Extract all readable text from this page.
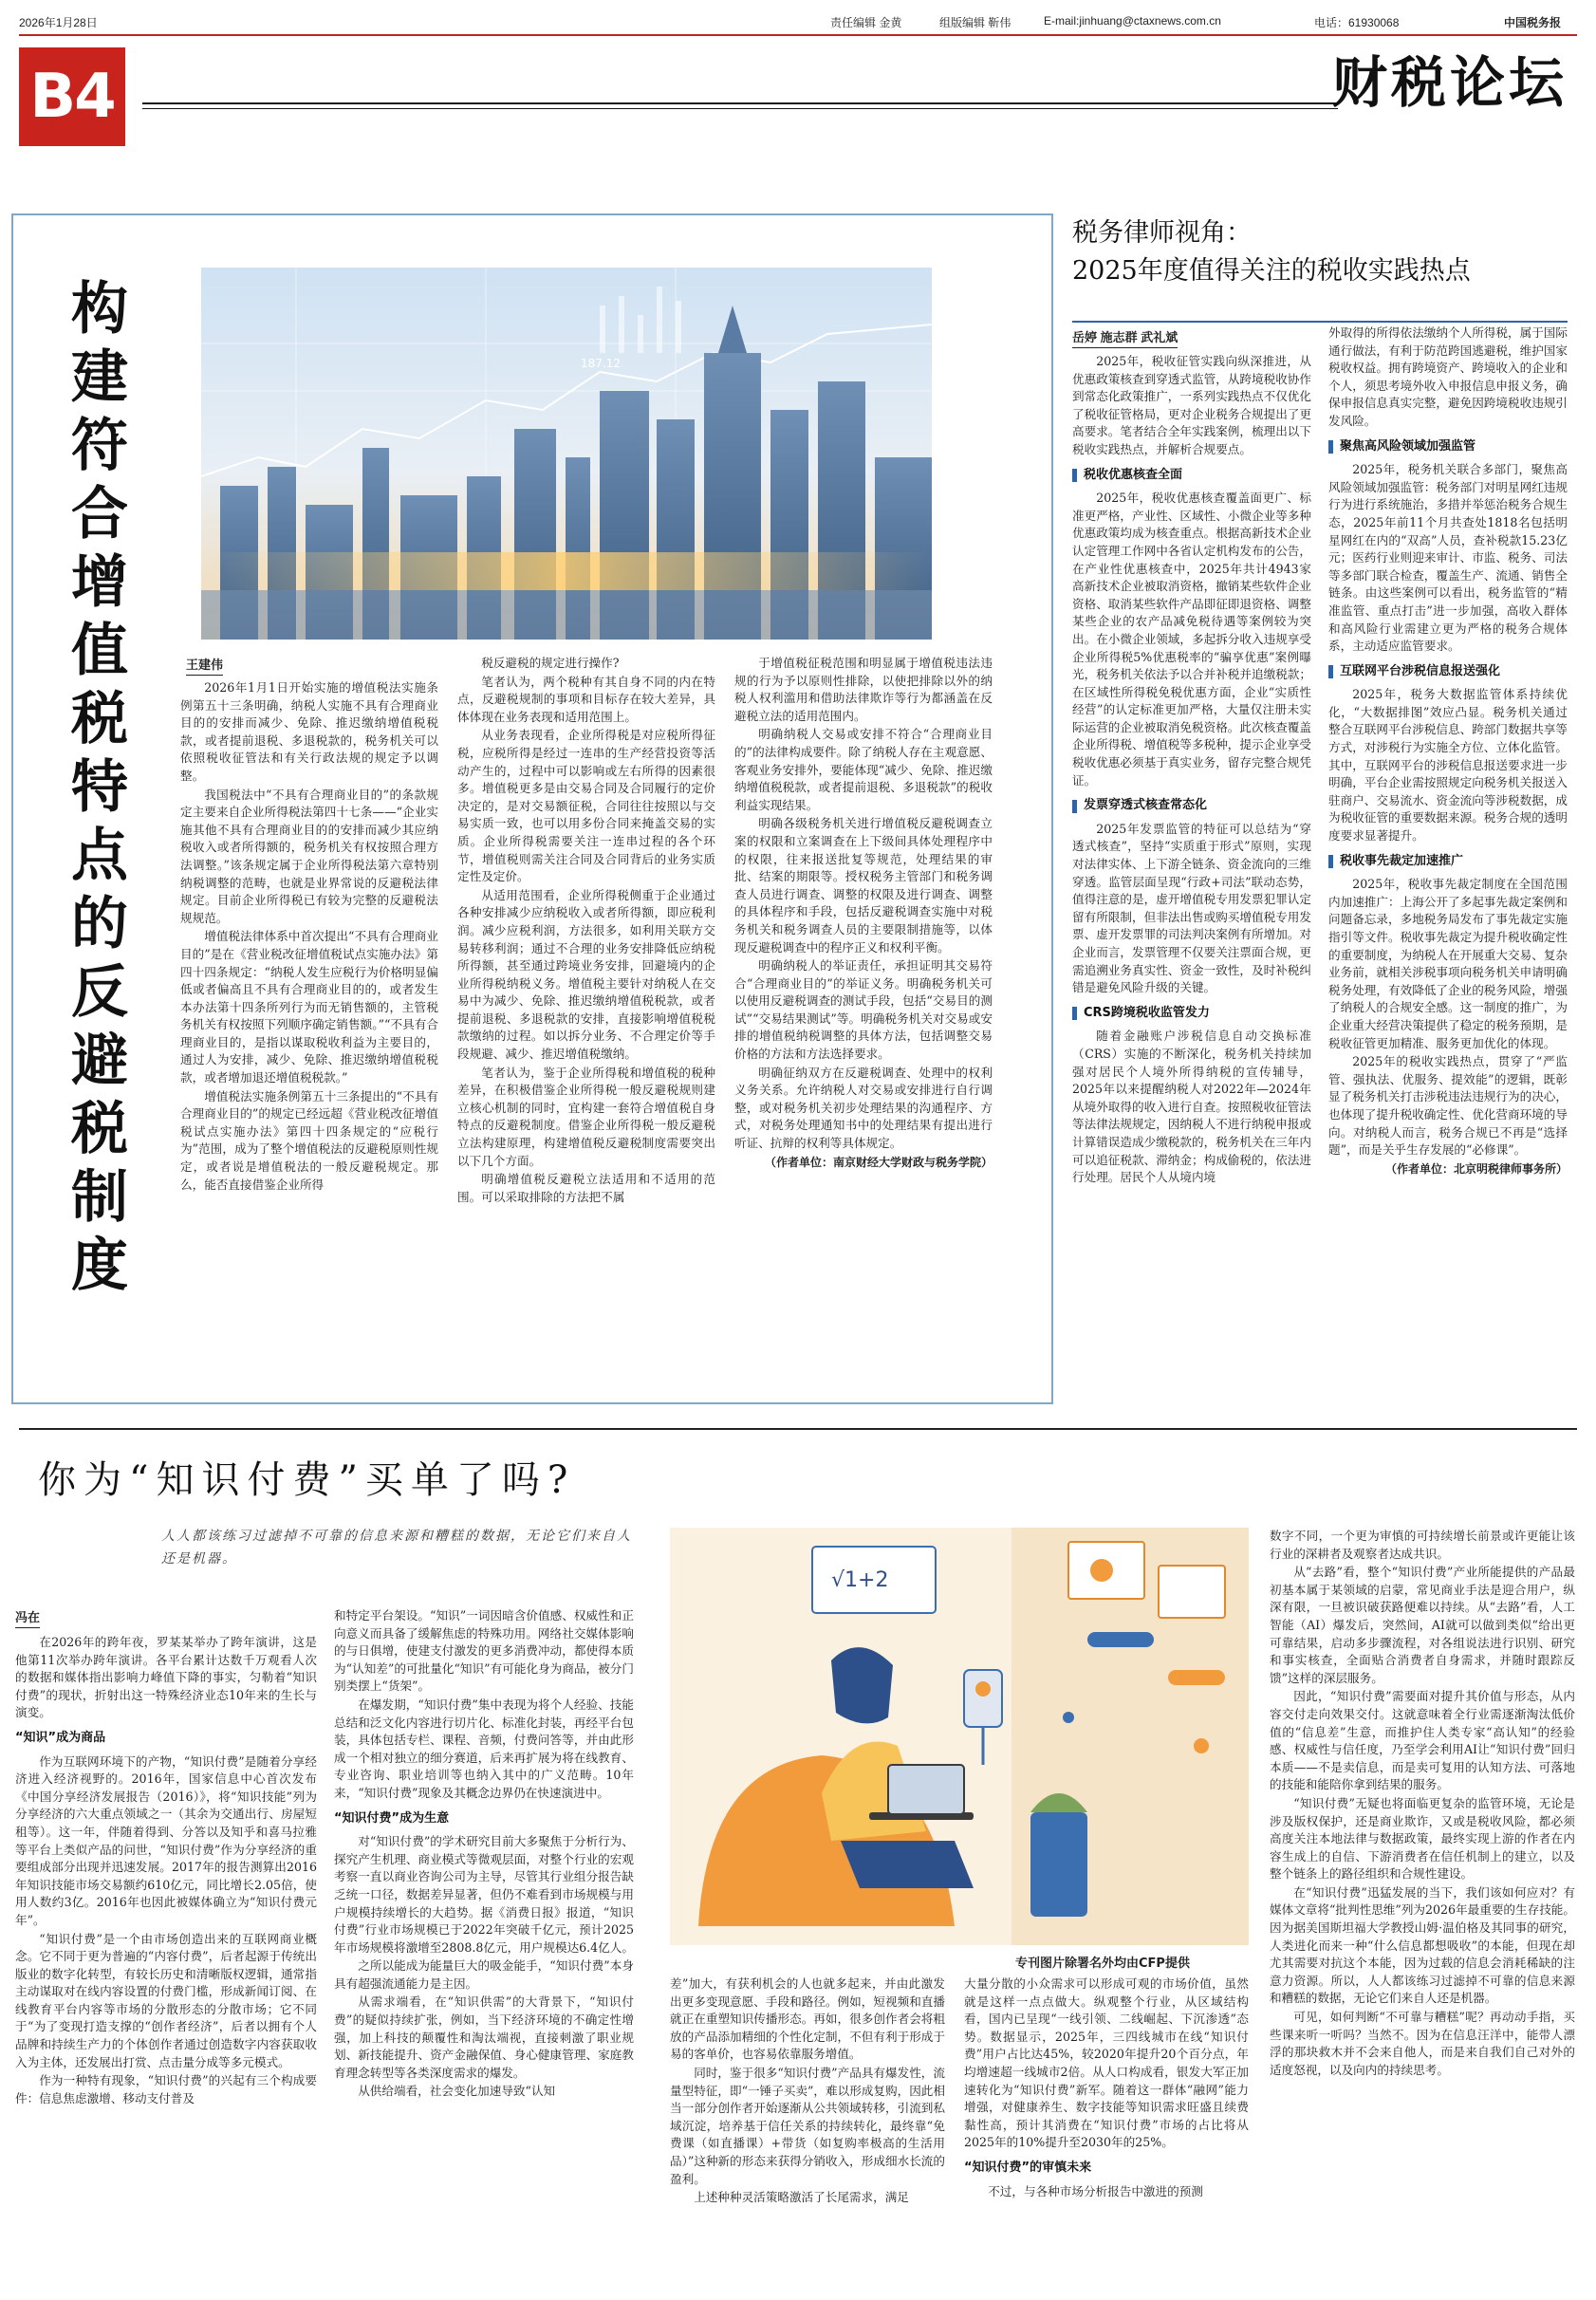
2026年1月28日	责任编辑 金黄	组版编辑 靳伟	E-mail:jinhuang@ctaxnews.com.cn	电话：61930068	中国税务报
B4	财税论坛
构建符合增值税特点的反避税制度
187.12
王建伟

2026年1月1日开始实施的增值税法实施条例第五十三条明确，纳税人实施不具有合理商业目的的安排而减少、免除、推迟缴纳增值税税款，或者提前退税、多退税款的，税务机关可以依照税收征管法和有关行政法规的规定予以调整。

我国税法中“不具有合理商业目的”的条款规定主要来自企业所得税法第四十七条——“企业实施其他不具有合理商业目的的安排而减少其应纳税收入或者所得额的，税务机关有权按照合理方法调整。”该条规定属于企业所得税法第六章特别纳税调整的范畴，也就是业界常说的反避税法律规定。目前企业所得税已有较为完整的反避税法规规范。

增值税法律体系中首次提出“不具有合理商业目的”是在《营业税改征增值税试点实施办法》第四十四条规定：“纳税人发生应税行为价格明显偏低或者偏高且不具有合理商业目的的，或者发生本办法第十四条所列行为而无销售额的，主管税务机关有权按照下列顺序确定销售额。”“不具有合理商业目的，是指以谋取税收利益为主要目的，通过人为安排，减少、免除、推迟缴纳增值税税款，或者增加退还增值税税款。”

增值税法实施条例第五十三条提出的“不具有合理商业目的”的规定已经远超《营业税改征增值税试点实施办法》第四十四条规定的“应税行为”范围，成为了整个增值税法的反避税原则性规定，或者说是增值税法的一般反避税规定。那么，能否直接借鉴企业所得

税反避税的规定进行操作?

笔者认为，两个税种有其自身不同的内在特点，反避税规制的事项和目标存在较大差异，具体体现在业务表现和适用范围上。

从业务表现看，企业所得税是对应税所得征税，应税所得是经过一连串的生产经营投资等活动产生的，过程中可以影响或左右所得的因素很多。增值税更多是由交易合同及合同履行的定价决定的，是对交易额征税，合同往往按照以与交易实质一致，也可以用多份合同来掩盖交易的实质。企业所得税需要关注一连串过程的各个环节，增值税则需关注合同及合同背后的业务实质定性及定价。

从适用范围看，企业所得税侧重于企业通过各种安排减少应纳税收入或者所得额，即应税利润。减少应税利润，方法很多，如利用关联方交易转移利润；通过不合理的业务安排降低应纳税所得额，甚至通过跨境业务安排，回避境内的企业所得税纳税义务。增值税主要针对纳税人在交易中为减少、免除、推迟缴纳增值税税款，或者提前退税、多退税款的安排，直接影响增值税税款缴纳的过程。如以拆分业务、不合理定价等手段规避、减少、推迟增值税缴纳。

笔者认为，鉴于企业所得税和增值税的税种差异，在积极借鉴企业所得税一般反避税规则建立核心机制的同时，宜构建一套符合增值税自身特点的反避税制度。借鉴企业所得税一般反避税立法构建原理，构建增值税反避税制度需要突出以下几个方面。

明确增值税反避税立法适用和不适用的范围。可以采取排除的方法把不属

于增值税征税范围和明显属于增值税违法违规的行为予以原则性排除，以使把排除以外的纳税人权利滥用和借助法律欺诈等行为都涵盖在反避税立法的适用范围内。

明确纳税人交易或安排不符合“合理商业目的”的法律构成要件。除了纳税人存在主观意愿、客观业务安排外，要能体现“减少、免除、推迟缴纳增值税税款，或者提前退税、多退税款”的税收利益实现结果。

明确各级税务机关进行增值税反避税调查立案的权限和立案调查在上下级间具体处理程序中的权限，往来报送批复等规范，处理结果的审批、结案的期限等。授权税务主管部门和税务调查人员进行调查、调整的权限及进行调查、调整的具体程序和手段，包括反避税调查实施中对税务机关和税务调查人员的主要限制措施等，以体现反避税调查中的程序正义和权利平衡。

明确纳税人的举证责任，承担证明其交易符合“合理商业目的”的举证义务。明确税务机关可以使用反避税调查的测试手段，包括“交易目的测试”“交易结果测试”等。明确税务机关对交易或安排的增值税纳税调整的具体方法，包括调整交易价格的方法和方法选择要求。

明确征纳双方在反避税调查、处理中的权利义务关系。允许纳税人对交易或安排进行自行调整，或对税务机关初步处理结果的沟通程序、方式，对税务处理通知书中的处理结果有提出进行听证、抗辩的权利等具体规定。

（作者单位：南京财经大学财政与税务学院）

税务律师视角：
2025年度值得关注的税收实践热点
岳婷 施志群 武礼斌

2025年，税收征管实践向纵深推进，从优惠政策核查到穿透式监管，从跨境税收协作到常态化政策推广，一系列实践热点不仅优化了税收征管格局，更对企业税务合规提出了更高要求。笔者结合全年实践案例，梳理出以下税收实践热点，并解析合规要点。

税收优惠核查全面

2025年，税收优惠核查覆盖面更广、标准更严格，产业性、区域性、小微企业等多种优惠政策均成为核查重点。根据高新技术企业认定管理工作网中各省认定机构发布的公告，在产业性优惠核查中，2025年共计4943家高新技术企业被取消资格，撤销某些软件企业资格、取消某些软件产品即征即退资格、调整某些企业的农产品减免税待遇等案例较为突出。在小微企业领域，多起拆分收入违规享受企业所得税5%优惠税率的“骗享优惠”案例曝光，税务机关依法予以合并补税并追缴税款；在区域性所得税免税优惠方面，企业“实质性经营”的认定标准更加严格，大量仅注册未实际运营的企业被取消免税资格。此次核查覆盖企业所得税、增值税等多税种，提示企业享受税收优惠必须基于真实业务，留存完整合规凭证。

发票穿透式核查常态化

2025年发票监管的特征可以总结为“穿透式核查”，坚持“实质重于形式”原则，实现对法律实体、上下游全链条、资金流向的三维穿透。监管层面呈现“行政+司法”联动态势，值得注意的是，虚开增值税专用发票犯罪认定留有所限制，但非法出售或购买增值税专用发票、虚开发票罪的司法判决案例有所增加。对企业而言，发票管理不仅要关注票面合规，更需追溯业务真实性、资金一致性，及时补税纠错是避免风险升级的关键。

CRS跨境税收监管发力

随着金融账户涉税信息自动交换标准（CRS）实施的不断深化，税务机关持续加强对居民个人境外所得纳税的宣传辅导，2025年以来提醒纳税人对2022年—2024年从境外取得的收入进行自查。按照税收征管法等法律法规规定，因纳税人不进行纳税申报或计算错误造成少缴税款的，税务机关在三年内可以追征税款、滞纳金；构成偷税的，依法进行处理。居民个人从境内境

外取得的所得依法缴纳个人所得税，属于国际通行做法，有利于防范跨国逃避税，维护国家税收权益。拥有跨境资产、跨境收入的企业和个人，须思考境外收入申报信息申报义务，确保申报信息真实完整，避免因跨境税收违规引发风险。

聚焦高风险领域加强监管

2025年，税务机关联合多部门，聚焦高风险领域加强监管：税务部门对明星网红违规行为进行系统施治，多措并举惩治税务合规生态，2025年前11个月共查处1818名包括明星网红在内的“双高”人员，查补税款15.23亿元；医药行业则迎来审计、市监、税务、司法等多部门联合检查，覆盖生产、流通、销售全链条。由这些案例可以看出，税务监管的“精准监管、重点打击”进一步加强，高收入群体和高风险行业需建立更为严格的税务合规体系，主动适应监管要求。

互联网平台涉税信息报送强化

2025年，税务大数据监管体系持续优化，“大数据排图”效应凸显。税务机关通过整合互联网平台涉税信息、跨部门数据共享等方式，对涉税行为实施全方位、立体化监管。其中，互联网平台的涉税信息报送要求进一步明确，平台企业需按照规定向税务机关报送入驻商户、交易流水、资金流向等涉税数据，成为税收征管的重要数据来源。税务合规的透明度要求显著提升。

税收事先裁定加速推广

2025年，税收事先裁定制度在全国范围内加速推广：上海公开了多起事先裁定案例和问题备忘录，多地税务局发布了事先裁定实施指引等文件。税收事先裁定为提升税收确定性的重要制度，为纳税人在开展重大交易、复杂业务前，就相关涉税事项向税务机关申请明确税务处理，有效降低了企业的税务风险，增强了纳税人的合规安全感。这一制度的推广，为企业重大经营决策提供了稳定的税务预期，是税收征管更加精准、服务更加优化的体现。

2025年的税收实践热点，贯穿了“严监管、强执法、优服务、提效能”的逻辑，既彰显了税务机关打击涉税违法违规行为的决心，也体现了提升税收确定性、优化营商环境的导向。对纳税人而言，税务合规已不再是“选择题”，而是关乎生存发展的“必修课”。

（作者单位：北京明税律师事务所）

你为“知识付费”买单了吗?
人人都该练习过滤掉不可靠的信息来源和糟糕的数据，无论它们来自人还是机器。
冯在

在2026年的跨年夜，罗某某举办了跨年演讲，这是他第11次举办跨年演讲。各平台累计达数千万观看人次的数据和媒体指出影响力峰值下降的事实，匀勒着“知识付费”的现状，折射出这一特殊经济业态10年来的生长与演变。

“知识”成为商品

作为互联网环境下的产物，“知识付费”是随着分享经济进入经济视野的。2016年，国家信息中心首次发布《中国分享经济发展报告（2016）》，将“知识技能”列为分享经济的六大重点领域之一（其余为交通出行、房屋短租等）。这一年，伴随着得到、分答以及知乎和喜马拉雅等平台上类似产品的问世，“知识付费”作为分享经济的重要组成部分出现并迅速发展。2017年的报告测算出2016年知识技能市场交易额约610亿元，同比增长2.05倍，使用人数约3亿。2016年也因此被媒体确立为“知识付费元年”。

“知识付费”是一个由市场创造出来的互联网商业概念。它不同于更为普遍的“内容付费”，后者起源于传统出版业的数字化转型，有较长历史和清晰版权逻辑，通常指主动谋取对在线内容设置的付费门槛，形成新闻订阅、在线教育平台内容等市场的分散形态的分散市场；它不同于“为了变现打造支撑的“创作者经济”，后者以拥有个人品牌和持续生产力的个体创作者通过创造数字内容获取收入为主体，还发展出打赏、点击量分成等多元模式。

作为一种特有现象，“知识付费”的兴起有三个构成要件：信息焦虑激增、移动支付普及

和特定平台架设。“知识”一词因暗含价值感、权威性和正向意义而具备了缓解焦虑的特殊功用。网络社交媒体影响的与日俱增，使建支付激发的更多消费冲动，都使得本质为“认知差”的可批量化“知识”有可能化身为商品，被分门别类摆上“货架”。

在爆发期，“知识付费”集中表现为将个人经验、技能总结和泛文化内容进行切片化、标准化封装，再经平台包装，具体包括专栏、课程、音频，付费问答等，并由此形成一个相对独立的细分赛道，后来再扩展为将在线教育、专业咨询、职业培训等也纳入其中的广义范畴。10年来，“知识付费”现象及其概念边界仍在快速演进中。

“知识付费”成为生意

对“知识付费”的学术研究目前大多聚焦于分析行为、探究产生机理、商业模式等微观层面，对整个行业的宏观考察一直以商业咨询公司为主导，尽管其行业组分报告缺乏统一口径，数据差异显著，但仍不难看到市场规模与用户规模持续增长的大趋势。据《消费日报》报道，“知识付费”行业市场规模已于2022年突破千亿元，预计2025年市场规模将激增至2808.8亿元，用户规模达6.4亿人。

之所以能成为能量巨大的吸金能手，“知识付费”本身具有超强流通能力是主因。

从需求端看，在“知识供需”的大背景下，“知识付费”的疑似持续扩张，例如，当下经济环境的不确定性增强，加上科技的颠覆性和淘汰端视，直接刺激了职业规划、新技能提升、资产金融保值、身心健康管理、家庭教育理念转型等各类深度需求的爆发。

从供给端看，社会变化加速导致“认知

√1+2
专刊图片除署名外均由CFP提供

差”加大，有获利机会的人也就多起来，并由此激发出更多变现意愿、手段和路径。例如，短视频和直播就正在重塑知识传播形态。再如，很多创作者会将粗放的产品添加精细的个性化定制，不但有利于形成于易的客单价，也容易依靠服务增值。

同时，鉴于很多“知识付费”产品具有爆发性，流量型特征，即“一锤子买卖”，难以形成复购，因此相当一部分创作者开始逐渐从公共领域转移，引流到私域沉淀，培养基于信任关系的持续转化，最终靠“免费课（如直播课）+带货（如复购率极高的生活用品）”这种新的形态来获得分销收入，形成细水长流的盈利。

上述种种灵活策略激活了长尾需求，满足

大量分散的小众需求可以形成可观的市场价值，虽然就是这样一点点做大。纵观整个行业，从区域结构看，国内已呈现“一线引领、二线崛起、下沉渗透”态势。数据显示，2025年，三四线城市在线“知识付费”用户占比达45%，较2020年提升20个百分点，年均增速超一线城市2倍。从人口构成看，银发大军正加速转化为“知识付费”新军。随着这一群体“融网”能力增强，对健康养生、数字技能等知识需求旺盛且续费黏性高，预计其消费在“知识付费”市场的占比将从2025年的10%提升至2030年的25%。

“知识付费”的审慎未来

不过，与各种市场分析报告中激进的预测

数字不同，一个更为审慎的可持续增长前景或许更能让该行业的深耕者及观察者达成共识。

从“去路”看，整个“知识付费”产业所能提供的产品最初基本属于某领域的启蒙，常见商业手法是迎合用户，纵深有限，一旦被识破获路便难以持续。从“去路”看，人工智能（AI）爆发后，突然间，AI就可以做到类似“给出更可靠结果，启动多步骤流程，对各组说法进行识别、研究和事实核查，全面贴合消费者自身需求，并随时跟踪反馈”这样的深层服务。

因此，“知识付费”需要面对提升其价值与形态，从内容交付走向效果交付。这就意味着全行业需逐渐淘汰低价值的“信息差”生意，而推护住人类专家“高认知”的经验感、权威性与信任度，乃至学会利用AI让“知识付费”回归本质——不是卖信息，而是卖可复用的认知方法、可落地的技能和能陪你拿到结果的服务。

“知识付费”无疑也将面临更复杂的监管环境，无论是涉及版权保护，还是商业欺诈，又或是税收风险，都必须高度关注本地法律与数据政策，最终实现上游的作者在内容生成上的自信、下游消费者在信任机制上的建立，以及整个链条上的路径组织和合规性建设。

在“知识付费”迅猛发展的当下，我们该如何应对？有媒体文章将“批判性思维”列为2026年最重要的生存技能。因为据美国斯坦福大学教授山姆·温伯格及其同事的研究，人类进化而来一种“什么信息都想吸收”的本能，但现在却尤其需要对抗这个本能，因为过载的信息会消耗稀缺的注意力资源。所以，人人都该练习过滤掉不可靠的信息来源和糟糕的数据，无论它们来自人还是机器。

可见，如何判断“不可靠与糟糕”呢？再动动手指，买些课来听一听吗？当然不。因为在信息汪洋中，能带人漂浮的那块救木并不会来自他人，而是来自我们自己对外的适度怒视，以及向内的持续思考。
